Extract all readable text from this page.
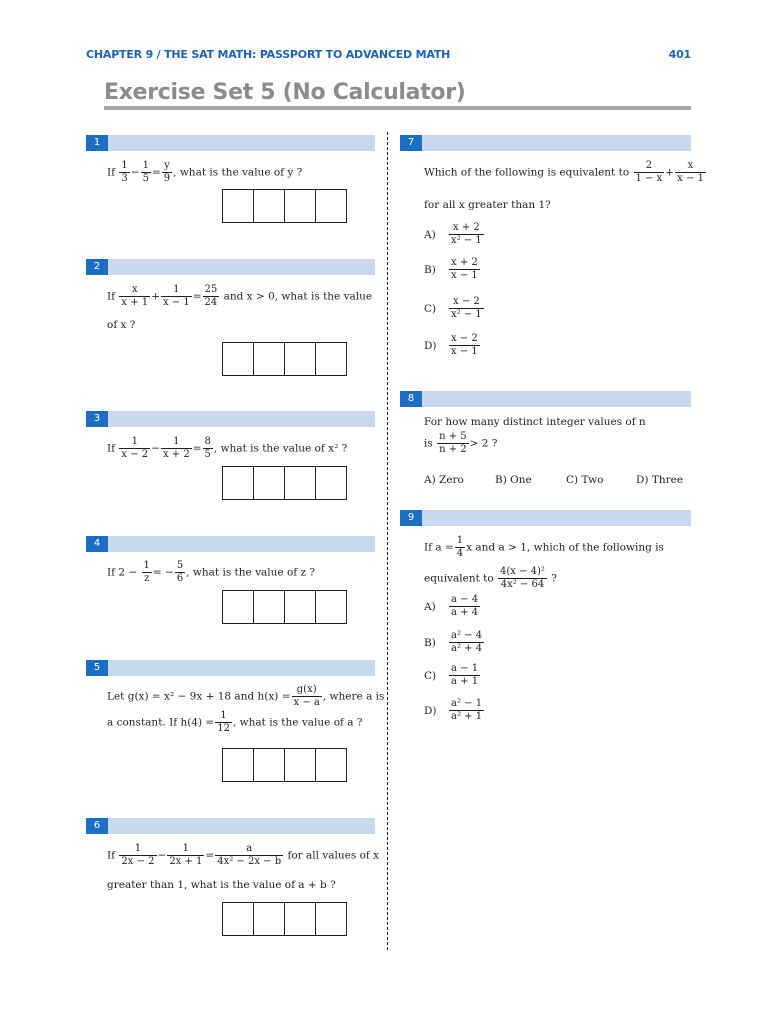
CHAPTER 9 / THE SAT MATH: PASSPORT TO ADVANCED MATH	401
Exercise Set 5 (No Calculator)
1
If $\frac{1}{3} - \frac{1}{5} = \frac{y}{9}$ , what is the value of y ?
2
If $\frac{x}{x + 1} + \frac{1}{x - 1} = \frac{25}{24}$ and x > 0, what is the value
of x ?
3
If $\frac{1}{x - 2} - \frac{1}{x + 2} = \frac{8}{5}$ , what is the value of x² ?
4
If $2 - \frac{1}{z}$ = − $\frac{5}{6}$ , what is the value of z ?
5
Let g(x) = x² − 9x + 18 and $h(x) = \frac{g(x)}{x - a}$ , where a is
a constant. If $h(4) = \frac{1}{12}$ , what is the value of a ?
6
If $\frac{1}{2x - 2} - \frac{1}{2x + 1} = \frac{a}{\text{4x² − 2x − b}}$ for all values of x
greater than 1, what is the value of a + b ?
7
Which of the following is equivalent to $\frac{2}{1 - x} + \frac{x}{x - 1}$
for all x greater than 1?
$A) \frac{x + 2}{\text{x² − 1}}$
$B) \frac{x + 2}{x - 1}$
$C) \frac{x - 2}{\text{x² − 1}}$
$D) \frac{x - 2}{x - 1}$
8
For how many distinct integer values of n
is $\frac{n + 5}{n + 2} > 2$ ?
A) Zero	B) One	C) Two	D) Three
9
If $a = \frac{1}{4}$ x and a > 1, which of the following is
equivalent to $\frac{\text{4(x − 4)²}}{\text{4x² − 64}}$ ?
$A) \frac{a - 4}{a + 4}$
$B) \frac{\text{a² − 4}}{\text{a² + 4}}$
$C) \frac{a - 1}{a + 1}$
$D) \frac{\text{a² − 1}}{\text{a² + 1}}$
